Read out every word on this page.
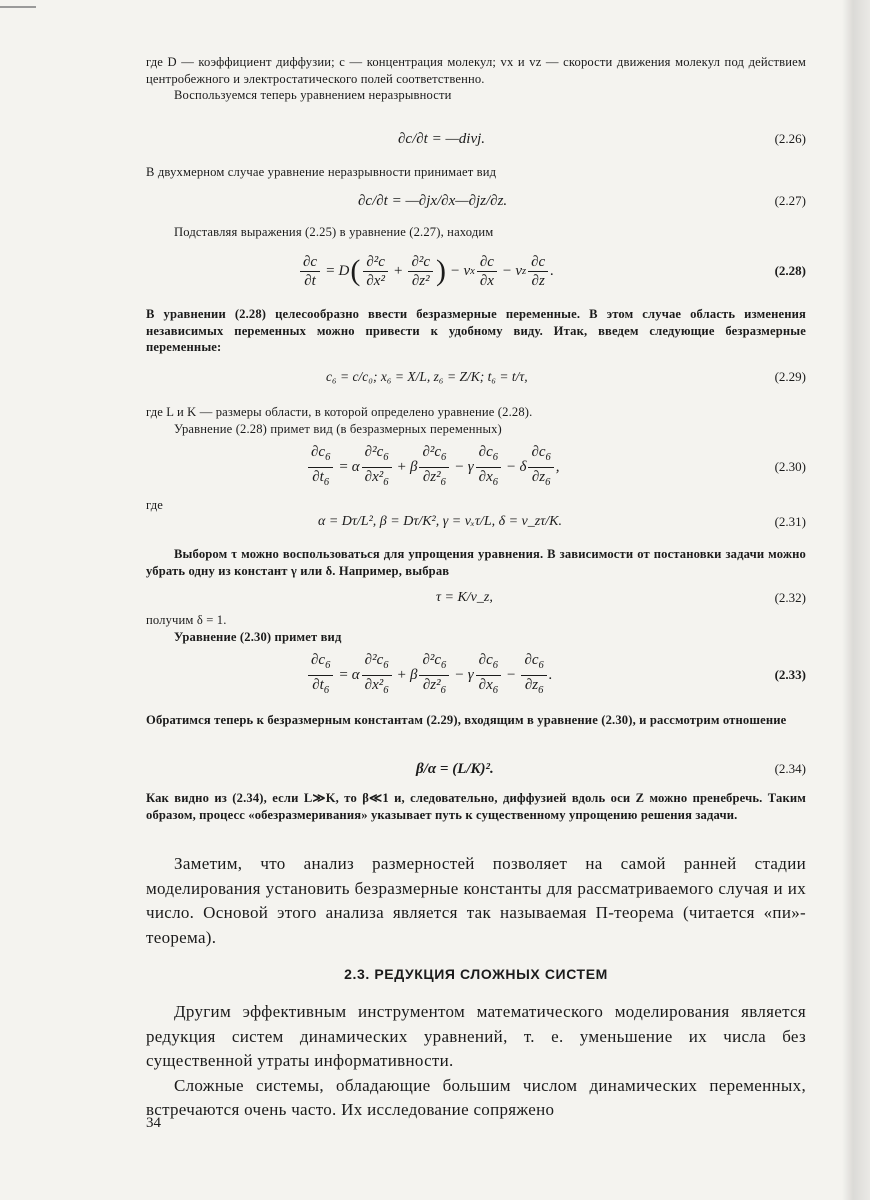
где D — коэффициент диффузии; c — концентрация молекул; vx и vz — скорости движения молекул под действием центробежного и электростатического полей соответственно.

Воспользуемся теперь уравнением неразрывности

∂c/∂t = —divj.	(2.26)

В двухмерном случае уравнение неразрывности принимает вид

∂c/∂t = —∂jx/∂x—∂jz/∂z.	(2.27)

Подставляя выражения (2.25) в уравнение (2.27), находим

$\frac{\partial c}{\partial t} = D$ ( $\frac{\text{∂²c}}{\text{∂x²}} + \frac{\text{∂²c}}{\text{∂z²}}$ ) − v x $\frac{\partial c}{\partial x} - v$ z $\frac{\partial c}{\partial z}$ .	(2.28)

В уравнении (2.28) целесообразно ввести безразмерные переменные. В этом случае область изменения независимых переменных можно привести к удобному виду. Итак, введем следующие безразмерные переменные:

c₆ = c/c₀; x₆ = X/L, z₆ = Z/K; t₆ = t/τ,	(2.29)

где L и K — размеры области, в которой определено уравнение (2.28).

Уравнение (2.28) примет вид (в безразмерных переменных)

$\frac{\partial c_6}{\partial t_6} = \alpha \frac{\partial^2c_6}{\partial x^2_6} + \beta \frac{\partial^2c_6}{\partial z^2_6} - \gamma \frac{\partial c_6}{\partial x_6} - \delta \frac{\partial c_6}{\partial z_6}$ ,	(2.30)

где

α = Dτ/L², β = Dτ/K², γ = vₓτ/L, δ = v_zτ/K.	(2.31)

Выбором τ можно воспользоваться для упрощения уравнения. В зависимости от постановки задачи можно убрать одну из констант γ или δ. Например, выбрав

τ = K/v_z,	(2.32)

получим δ = 1.

Уравнение (2.30) примет вид

$\frac{\partial c_6}{\partial t_6} = \alpha \frac{\partial^2c_6}{\partial x^2_6} + \beta \frac{\partial^2c_6}{\partial z^2_6} - \gamma \frac{\partial c_6}{\partial x_6} - \frac{\partial c_6}{\partial z_6}$ .	(2.33)

Обратимся теперь к безразмерным константам (2.29), входящим в уравнение (2.30), и рассмотрим отношение

β/α = (L/K)².	(2.34)

Как видно из (2.34), если L≫K, то β≪1 и, следовательно, диффузией вдоль оси Z можно пренебречь. Таким образом, процесс «обезразмеривания» указывает путь к существенному упрощению решения задачи.

Заметим, что анализ размерностей позволяет на самой ранней стадии моделирования установить безразмерные константы для рассматриваемого случая и их число. Основой этого анализа является так называемая П-теорема (читается «пи»-теорема).

2.3. РЕДУКЦИЯ СЛОЖНЫХ СИСТЕМ

Другим эффективным инструментом математического моделирования является редукция систем динамических уравнений, т. е. уменьшение их числа без существенной утраты информативности.

Сложные системы, обладающие большим числом динамических переменных, встречаются очень часто. Их исследование сопряжено

34
